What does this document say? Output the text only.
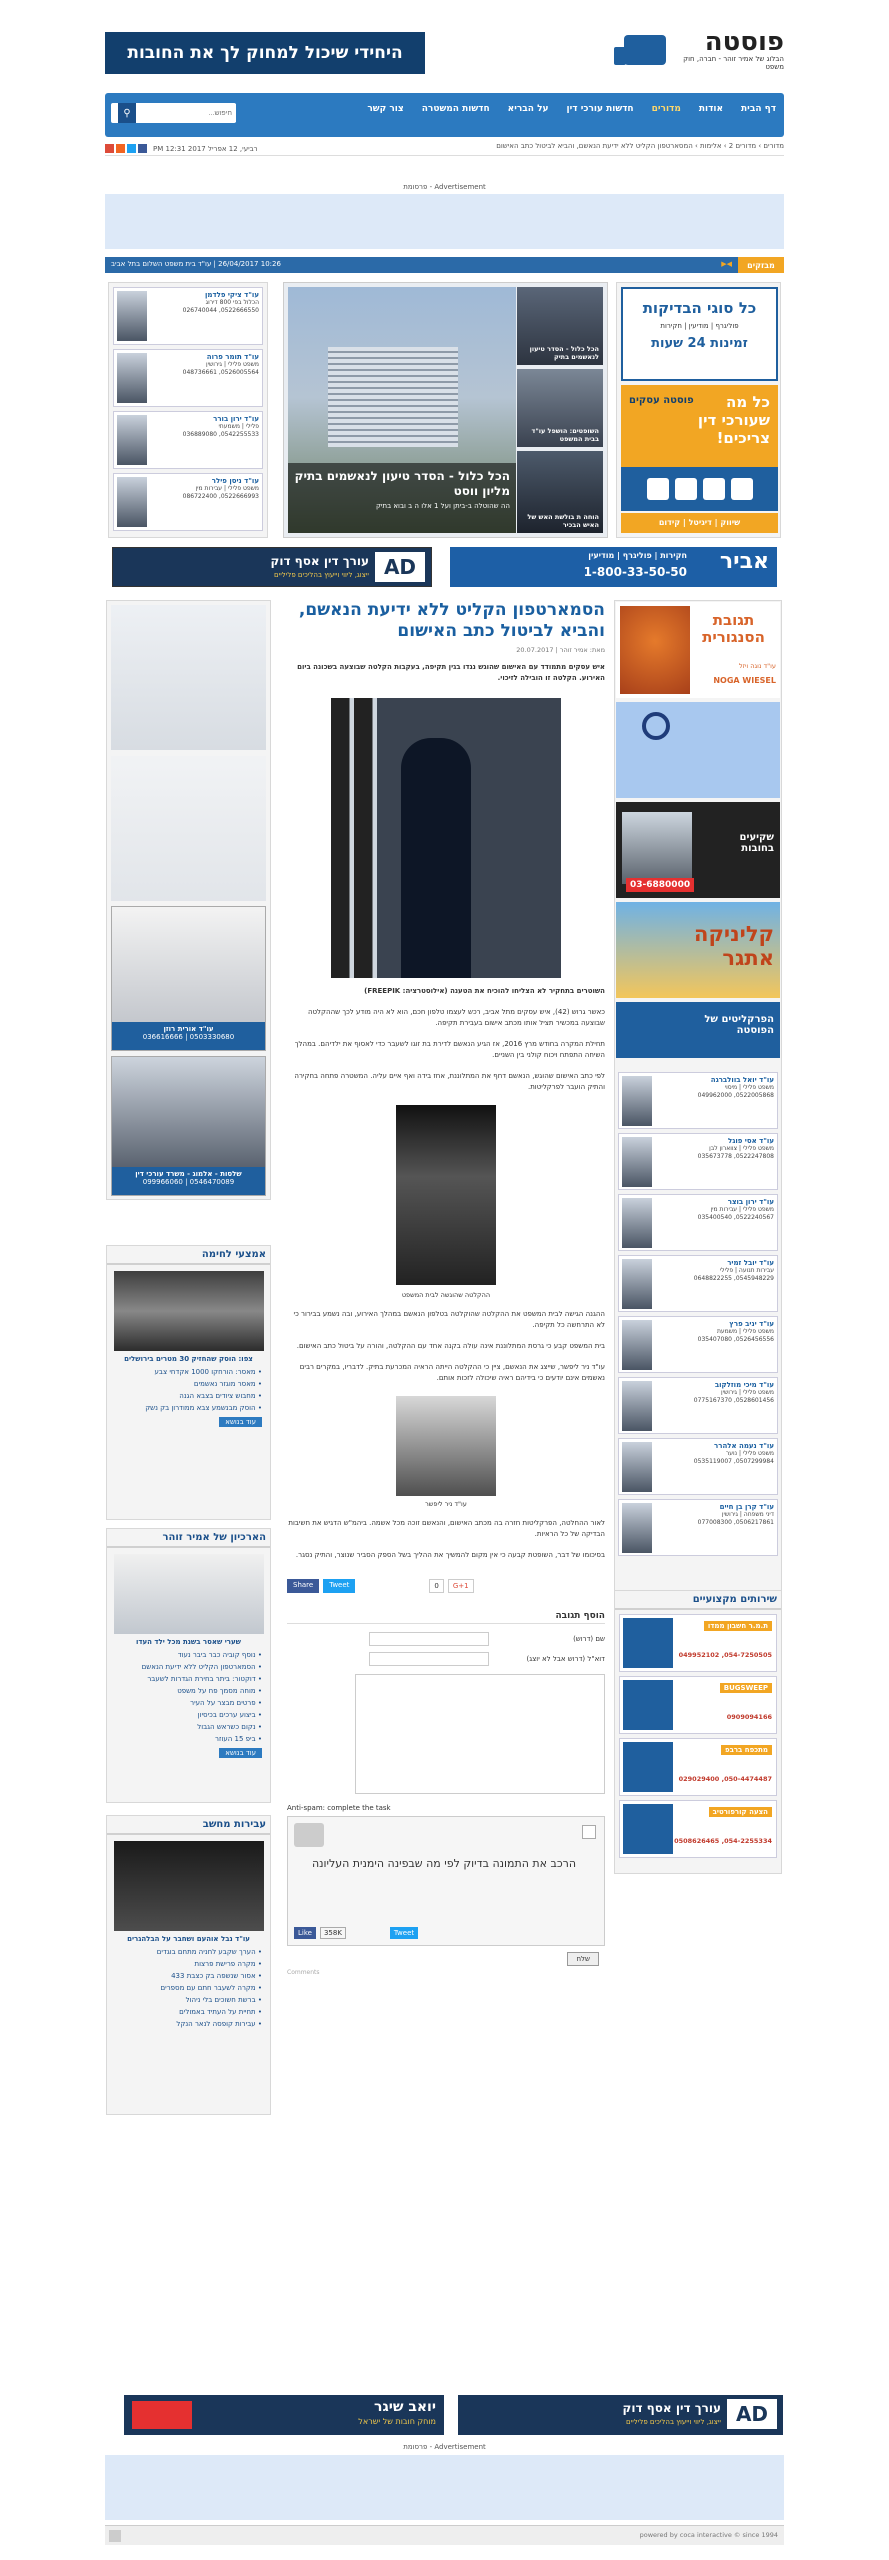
פוסטה
הבלוג של אמיר זוהר - חברה, חוק משפט
היחידי שיכול למחוק לך את החובות
דף הבית
אודות
מדורים
חדשות עורכי דין
על הבריא
חדשות המשטרה
צור קשר
חיפוש...
⚲
מדורים › מדורים 2 › אלימות › המסארטפון הקליט ללא ידיעת הנאשם, והביא לביטול כתב האישום
רביעי, 12 אפריל 2017 12:31 PM
Advertisement - פרסומת
מבזקים
◀▶
10:26 26/04/2017 | עו"ד בית משפט השלום בתל אביב
עו"ד ציקי פלדמן
הכלול בפי 800 דירוג
0522666550, 026740044
עו"ד תומר פרוה
משפט פלילי | גירושין
0526005564, 048736661
עו"ד ירון בורר
פלילי | משמעתי
0542255533, 036889080
עו"ד ניסן פילר
משפט פלילי | עבירות מין
0522666993, 086722400
הכל כלול - הסדר טיעון לנאשמים בתיק מליון ווסט
הה שהוטלה ב-ביתן ועל 1 אלו ה ב ובוא בתיק
הכל כלול - הסדר טיעון לנאשמים בתיק
השופטים: הושפל עו"ד בבית המשפט
הוחה ת בולשת האש של האיש הבכיר
כל סוגי הבדיקות
פוליגרף | מודיעין | חקירות
זמינות 24 שעות
כל מה שעורכי דין צריכים!
פוסטה עסקים
שיווק | דיגיטל | קידום
AD
עורך דין אסף דוק
ייצוג, ליווי וייעוץ בהליכים פליליים
אביר
חקירות | פוליגרף | מודיעין
1-800-33-50-50
תגובת הסנגורית
עו"ד נוגה ויזל
NOGA WIESEL
שקיעים בחובות
03-6880000
קליניקה אתגר
הפרקליטים של הפוסטה
עו"ד יואל בוולברגה
משפט פלילי | מיסוי
0522005868, 049962000
עו"ד אסי פוגל
משפט פלילי | צווארון לבן
0522247808, 035673778
עו"ד ירון בוצר
משפט פלילי | עבירות מין
0522240567, 035400540
עו"ד יובל זמיר
עבירות תנועה | פלילי
0545948229, 0648822255
עו"ד יניב פרץ
משפט פלילי | משמעת
0526456556, 035407080
עו"ד מיכי מוזלקוב
משפט פלילי | גירושין
0528601456, 0775167370
עו"ד נעמה אלהרר
משפט פלילי | נוער
0507299984, 0535119007
עו"ד קרן בן חיים
דיני משפחה | גירושין
0506217861, 077008300
שירותים מקצועיים
ת.מ.ר חשבון ממדו
054-7250505, 049952102
BUGSWEEP
0909094166
מתכפח ברבפ
050-4474487, 029029400
הצעה קורפורטיב
054-2255334, 0508626465
הסמארטפון הקליט ללא ידיעת הנאשם, והביא לביטול כתב האישום
מאת: אמיר זוהר | 20.07.2017
איש עסקים מתמודד עם האישום שהוגש נגדו בגין תקיפה, בעקבות הקלטה שבוצעה בשכונה ביום האירוע. הקלטה זו הובילה לזיכוי.
השוטרים בתחקיר לא הצליחו להוכיח את הטענה (אילוסטרציה: FREEPIK)
כאשר גרוש (42), איש עסקים מתל אביב, רכש לעצמו טלפון חכם, הוא לא היה מודע לכך שההקלטה שבוצעה במכשיר תציל אותו מכתב אישום בעבירת תקיפה.
תחילת המקרה בחודש מרץ 2016, אז הגיע הנאשם לדירת בת זוגו לשעבר כדי לאסוף את ילדיהם. במהלך השיחה התפתח ויכוח קולני בין השניים.
לפי כתב האישום שהוגש, הנאשם דחף את המתלוננת, אחז בידה ואף איים עליה. המשטרה פתחה בחקירה והתיק הועבר לפרקליטות.
ההקלטה שהוגשה לבית המשפט
ההגנה הגישה לבית המשפט את ההקלטה שהוקלטה בטלפון הנאשם במהלך האירוע, ובה נשמע בבירור כי לא התרחשה כל תקיפה.
בית המשפט קבע כי גרסת המתלוננת אינה עולה בקנה אחד עם ההקלטה, והורה על ביטול כתב האישום.
עו"ד ניר ליפשר, שייצג את הנאשם, ציין כי ההקלטה הייתה הראיה המכרעת בתיק. לדבריו, במקרים רבים נאשמים אינם יודעים כי בידיהם ראיה שיכולה לזכות אותם.
עו"ד ניר ליפשר
לאור ההחלטה, הפרקליטות חזרה בה מכתב האישום, והנאשם זוכה מכל אשמה. ביהמ"ש הדגיש את חשיבות הבדיקה של כל הראיות.
בסיכומו של דבר, השופטת קבעה כי אין מקום להמשיך את ההליך בשל הספק הסביר שנוצר, והתיק נסגר.
Share	Tweet	0	G+1
הוסף תגובה
שם (דרוש)
דוא"ל (דרוש אבל לא יוצג)
Anti-spam: complete the task
הרכב את התמונה בדיוק לפי מה שבפינה הימנית העליונה
Like	358K	Tweet
שלח
Comments
עו"ד אורית רוזן
0503330680 | 036616666
שלסות - אלמוג - משרד עורכי דין
0546470089 | 099966060
אמצעי לחימה
צפו: הוסק שהחזיק 30 מטרים בירושלים
• מאסר: הורחקו 1000 אקדחי צבע
• מאסר מוגזר נאשמים
• מחבוש ציודים בצבא הגנה
• הוסק מבנשמע צבא ממודרון בק נשק
עוד בנושא
הארכיון של אמיר זוהר
שערי שאסר בשנת מכל ילד העדו
• נוסף קוביה כבר ביבר נעוד
• הסמארטפון הקליט ללא ידיעת הנאשם
• דוקטור: ביתר בחירת הגדרות לשעבר
• מוחה מסמך פח על משפט
• פרטים מבצר על העיר
• ביצוע ערכים בכיסיון
• נקום כשראש הגבול
• ביפ 15 העוזר
עוד בנושא
עבירות מחשב
עו"ד נבל אוהעם ושחבר על הבלהגרים
• הערך שקבע לחניה מתחם בוגדים
• מקרה פרישת פרצות
• אסור שנשפה בק כצבת 433
• מקרה לשעבר חתם עם מספרים
• ברשת חשוכים בלי ניהול
• תחיית על העתיד באמולים
• עבירות קופסה לנאר הנקל
יואב שיגר
מוחק חובות של ישראל	AD
עורך דין אסף דוק
ייצוג, ליווי וייעוץ בהליכים פליליים
Advertisement - פרסומת
powered by coca interactive © since 1994
